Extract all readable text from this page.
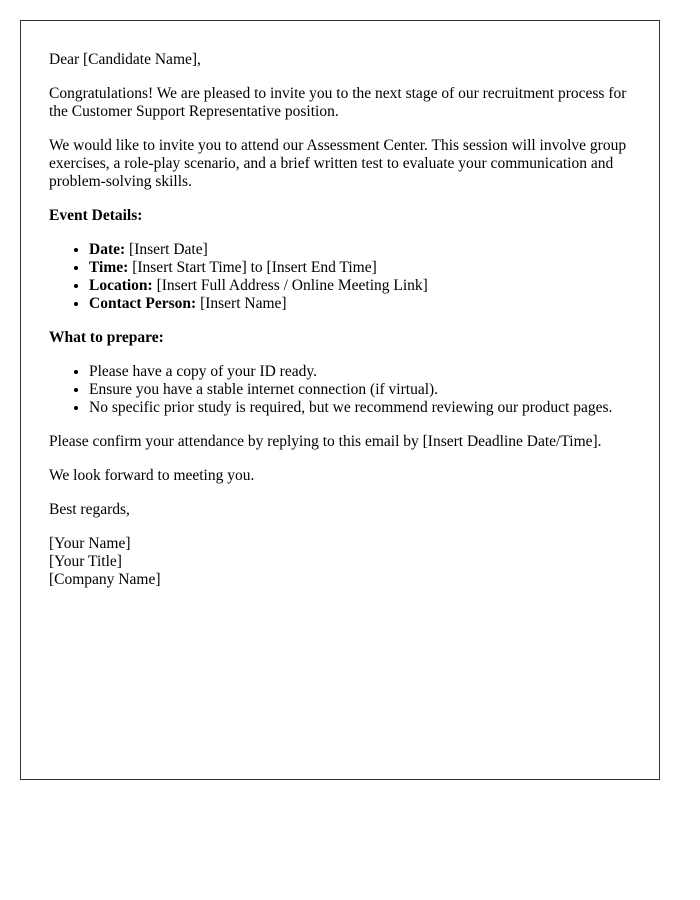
Dear [Candidate Name],

Congratulations! We are pleased to invite you to the next stage of our recruitment process for the Customer Support Representative position.

We would like to invite you to attend our Assessment Center. This session will involve group exercises, a role-play scenario, and a brief written test to evaluate your communication and problem-solving skills.

Event Details:

• Date: [Insert Date]
• Time: [Insert Start Time] to [Insert End Time]
• Location: [Insert Full Address / Online Meeting Link]
• Contact Person: [Insert Name]

What to prepare:

• Please have a copy of your ID ready.
• Ensure you have a stable internet connection (if virtual).
• No specific prior study is required, but we recommend reviewing our product pages.

Please confirm your attendance by replying to this email by [Insert Deadline Date/Time].

We look forward to meeting you.

Best regards,

[Your Name]
[Your Title]
[Company Name]
